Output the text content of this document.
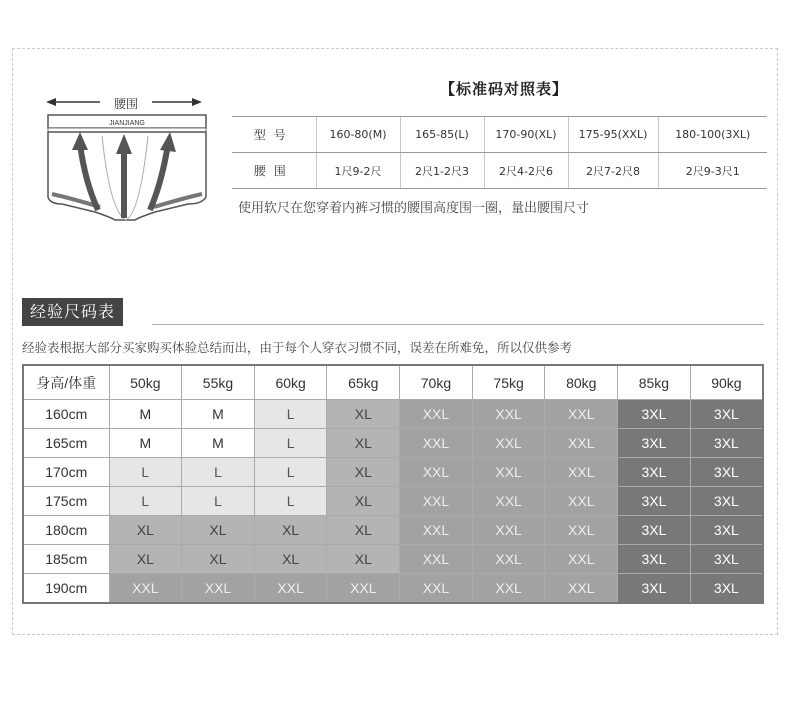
JIANJIANG
腰围
【标准码对照表】
型号	160-80(M)	165-85(L)	170-90(XL)	175-95(XXL)	180-100(3XL)
腰围	1尺9-2尺	2尺1-2尺3	2尺4-2尺6	2尺7-2尺8	2尺9-3尺1
使用软尺在您穿着内裤习惯的腰围高度围一圈，量出腰围尺寸
经验尺码表
经验表根据大部分买家购买体验总结而出，由于每个人穿衣习惯不同，误差在所难免，所以仅供参考
身高/体重	50kg	55kg	60kg	65kg	70kg	75kg	80kg	85kg	90kg
160cm	M	M	L	XL	XXL	XXL	XXL	3XL	3XL
165cm	M	M	L	XL	XXL	XXL	XXL	3XL	3XL
170cm	L	L	L	XL	XXL	XXL	XXL	3XL	3XL
175cm	L	L	L	XL	XXL	XXL	XXL	3XL	3XL
180cm	XL	XL	XL	XL	XXL	XXL	XXL	3XL	3XL
185cm	XL	XL	XL	XL	XXL	XXL	XXL	3XL	3XL
190cm	XXL	XXL	XXL	XXL	XXL	XXL	XXL	3XL	3XL
